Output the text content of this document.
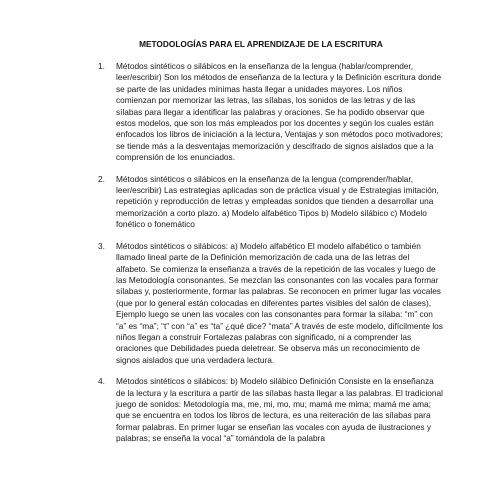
METODOLOGÍAS PARA EL APRENDIZAJE DE LA ESCRITURA
1. Métodos sintéticos o silábicos en la enseñanza de la lengua (hablar/comprender, leer/escribir) Son los métodos de enseñanza de la lectura y la Definición escritura donde se parte de las unidades mínimas hasta llegar a unidades mayores. Los niños comienzan por memorizar las letras, las sílabas, los sonidos de las letras y de las sílabas para llegar a identificar las palabras y oraciones. Se ha podido observar que estos modelos, que son los más empleados por los docentes y según los cuales están enfocados los libros de iniciación a la lectura, Ventajas y son métodos poco motivadores; se tiende más a la desventajas memorización y descifrado de signos aislados que a la comprensión de los enunciados.
2. Métodos sintéticos o silábicos en la enseñanza de la lengua (comprender/hablar, leer/escribir) Las estrategias aplicadas son de práctica visual y de Estrategias imitación, repetición y reproducción de letras y empleadas sonidos que tienden a desarrollar una memorización a corto plazo. a) Modelo alfabético Tipos b) Modelo silábico c) Modelo fonético o fonemático
3. Métodos sintéticos o silábicos: a) Modelo alfabético El modelo alfabético o también llamado lineal parte de la Definición memorización de cada una de las letras del alfabeto. Se comienza la enseñanza a través de la repetición de las vocales y luego de las Metodología consonantes. Se mezclan las consonantes con las vocales para formar sílabas y, posteriormente, formar las palabras. Se reconocen en primer lugar las vocales (que por lo general están colocadas en diferentes partes visibles del salón de clases), Ejemplo luego se unen las vocales con las consonantes para formar la sílaba: “m” con “a” es “ma”; “t” con “a” es “ta” ¿qué dice? “mata” A través de este modelo, difícilmente los niños llegan a construir Fortalezas palabras con significado, ni a comprender las oraciones que Debilidades pueda deletrear. Se observa más un reconocimiento de signos aislados que una verdadera lectura.
4. Métodos sintéticos o silábicos: b) Modelo silábico Definición Consiste en la enseñanza de la lectura y la escritura a partir de las sílabas hasta llegar a las palabras. El tradicional juego de sonidos: Metodología ma, me, mi, mo, mu; mamá me mima; mamá me ama; que se encuentra en todos los libros de lectura, es una reiteración de las sílabas para formar palabras. En primer lugar se enseñan las vocales con ayuda de ilustraciones y palabras; se enseña la vocal “a” tomándola de la palabra
